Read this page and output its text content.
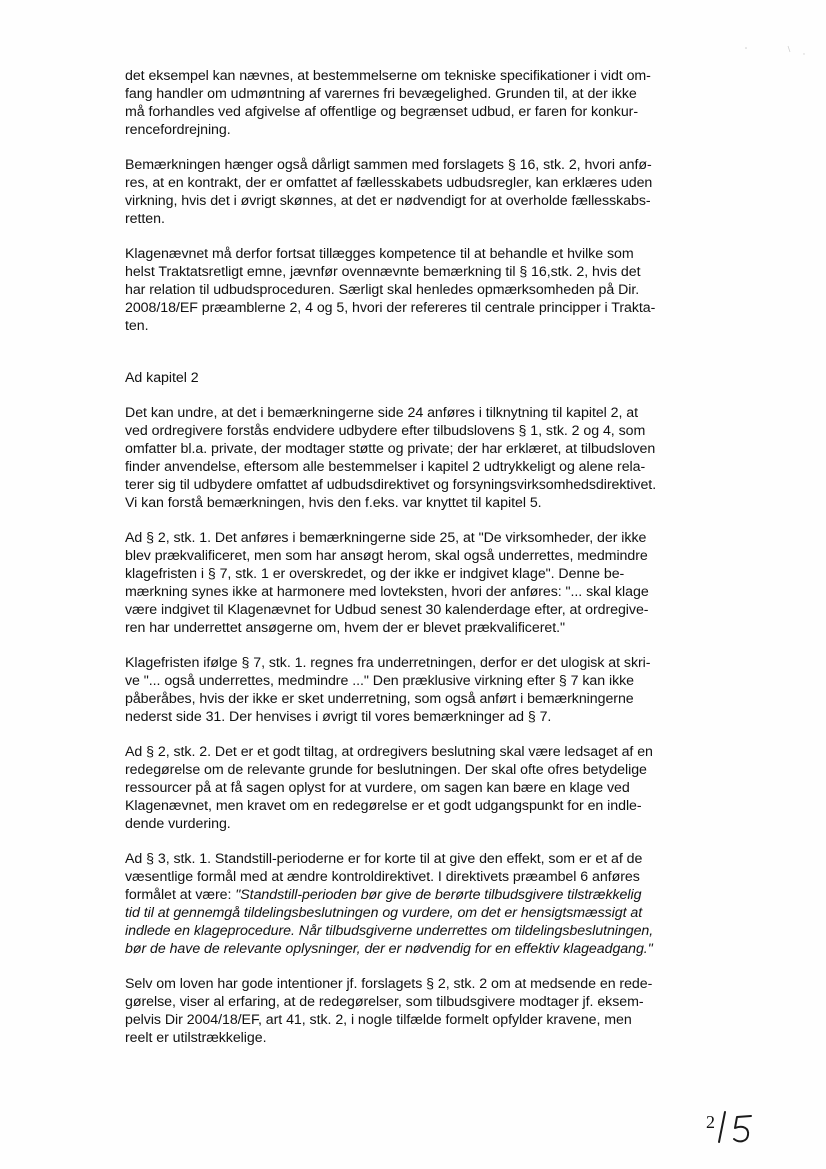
det eksempel kan nævnes, at bestemmelserne om tekniske specifikationer i vidt om-

fang handler om udmøntning af varernes fri bevægelighed. Grunden til, at der ikke

må forhandles ved afgivelse af offentlige og begrænset udbud, er faren for konkur-

rencefordrejning.

Bemærkningen hænger også dårligt sammen med forslagets § 16, stk. 2, hvori anfø-

res, at en kontrakt, der er omfattet af fællesskabets udbudsregler, kan erklæres uden

virkning, hvis det i øvrigt skønnes, at det er nødvendigt for at overholde fællesskabs-

retten.

Klagenævnet må derfor fortsat tillægges kompetence til at behandle et hvilke som

helst Traktatsretligt emne, jævnfør ovennævnte bemærkning til § 16,stk. 2, hvis det

har relation til udbudsproceduren. Særligt skal henledes opmærksomheden på Dir.

2008/18/EF præamblerne 2, 4 og 5, hvori der refereres til centrale principper i Trakta-

ten.

Ad kapitel 2

Det kan undre, at det i bemærkningerne side 24 anføres i tilknytning til kapitel 2, at

ved ordregivere forstås endvidere udbydere efter tilbudslovens § 1, stk. 2 og 4, som

omfatter bl.a. private, der modtager støtte og private; der har erklæret, at tilbudsloven

finder anvendelse, eftersom alle bestemmelser i kapitel 2 udtrykkeligt og alene rela-

terer sig til udbydere omfattet af udbudsdirektivet og forsyningsvirksomhedsdirektivet.

Vi kan forstå bemærkningen, hvis den f.eks. var knyttet til kapitel 5.

Ad § 2, stk. 1. Det anføres i bemærkningerne side 25, at "De virksomheder, der ikke

blev prækvalificeret, men som har ansøgt herom, skal også underrettes, medmindre

klagefristen i § 7, stk. 1 er overskredet, og der ikke er indgivet klage". Denne be-

mærkning synes ikke at harmonere med lovteksten, hvori der anføres: "... skal klage

være indgivet til Klagenævnet for Udbud senest 30 kalenderdage efter, at ordregive-

ren har underrettet ansøgerne om, hvem der er blevet prækvalificeret."

Klagefristen ifølge § 7, stk. 1. regnes fra underretningen, derfor er det ulogisk at skri-

ve "... også underrettes, medmindre ..." Den præklusive virkning efter § 7 kan ikke

påberåbes, hvis der ikke er sket underretning, som også anført i bemærkningerne

nederst side 31. Der henvises i øvrigt til vores bemærkninger ad § 7.

Ad § 2, stk. 2. Det er et godt tiltag, at ordregivers beslutning skal være ledsaget af en

redegørelse om de relevante grunde for beslutningen. Der skal ofte ofres betydelige

ressourcer på at få sagen oplyst for at vurdere, om sagen kan bære en klage ved

Klagenævnet, men kravet om en redegørelse er et godt udgangspunkt for en indle-

dende vurdering.

Ad § 3, stk. 1. Standstill-perioderne er for korte til at give den effekt, som er et af de

væsentlige formål med at ændre kontroldirektivet. I direktivets præambel 6 anføres

formålet at være: "Standstill-perioden bør give de berørte tilbudsgivere tilstrækkelig

tid til at gennemgå tildelingsbeslutningen og vurdere, om det er hensigtsmæssigt at

indlede en klageprocedure. Når tilbudsgiverne underrettes om tildelingsbeslutningen,

bør de have de relevante oplysninger, der er nødvendig for en effektiv klageadgang."

Selv om loven har gode intentioner jf. forslagets § 2, stk. 2 om at medsende en rede-

gørelse, viser al erfaring, at de redegørelser, som tilbudsgivere modtager jf. eksem-

pelvis Dir 2004/18/EF, art 41, stk. 2, i nogle tilfælde formelt opfylder kravene, men

reelt er utilstrækkelige.

2
